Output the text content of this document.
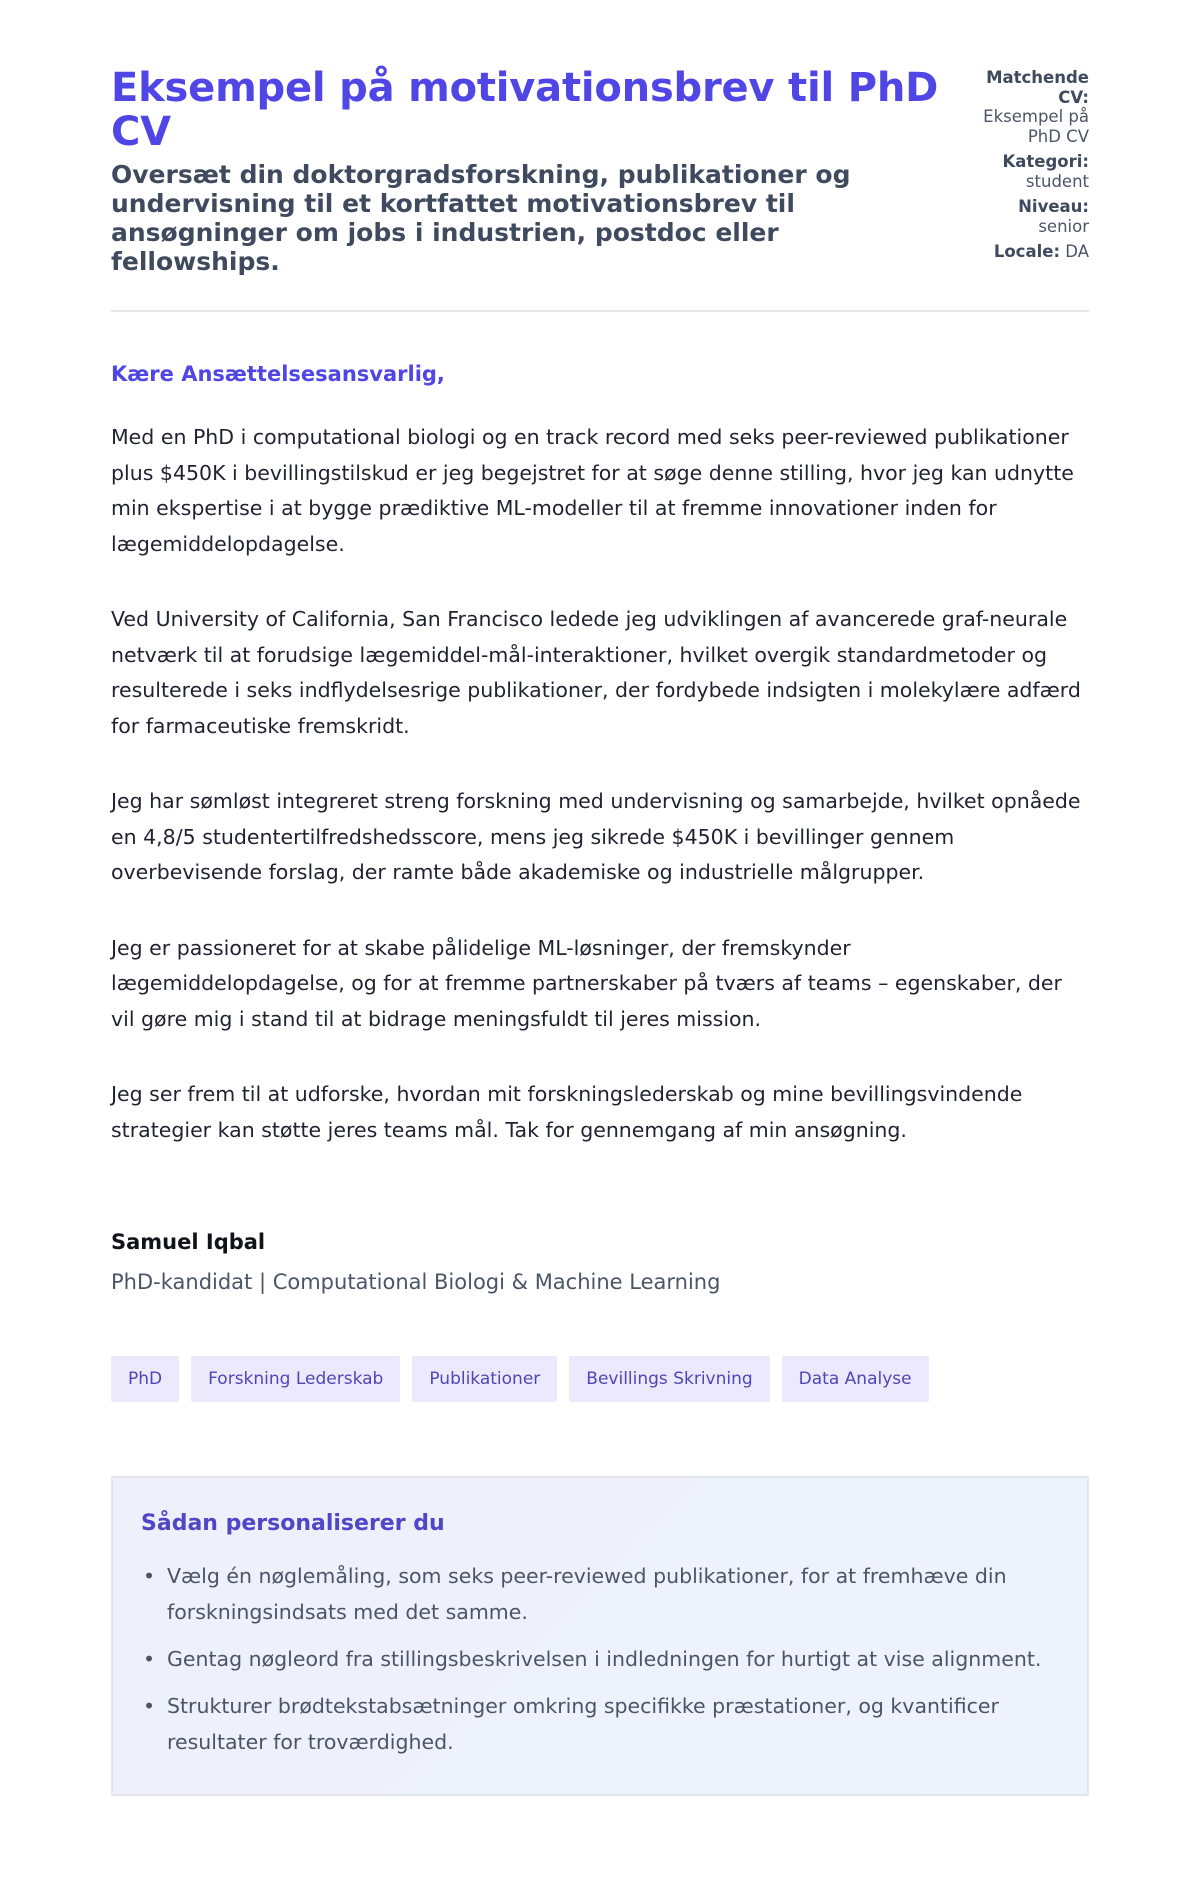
Eksempel på motivationsbrev til PhD CV

Oversæt din doktorgradsforskning, publikationer og undervisning til et kortfattet motivationsbrev til ansøgninger om jobs i industrien, postdoc eller fellowships.

Matchende CV:
Eksempel på PhD CV
Kategori:
student
Niveau:
senior
Locale: DA

Kære Ansættelsesansvarlig,

Med en PhD i computational biologi og en track record med seks peer-reviewed publikationer plus $450K i bevillingstilskud er jeg begejstret for at søge denne stilling, hvor jeg kan udnytte min ekspertise i at bygge prædiktive ML-modeller til at fremme innovationer inden for lægemiddelopdagelse.

Ved University of California, San Francisco ledede jeg udviklingen af avancerede graf-neurale netværk til at forudsige lægemiddel-mål-interaktioner, hvilket overgik standardmetoder og resulterede i seks indflydelsesrige publikationer, der fordybede indsigten i molekylære adfærd for farmaceutiske fremskridt.

Jeg har sømløst integreret streng forskning med undervisning og samarbejde, hvilket opnåede en 4,8/5 studentertilfredshedsscore, mens jeg sikrede $450K i bevillinger gennem overbevisende forslag, der ramte både akademiske og industrielle målgrupper.

Jeg er passioneret for at skabe pålidelige ML-løsninger, der fremskynder lægemiddelopdagelse, og for at fremme partnerskaber på tværs af teams – egenskaber, der vil gøre mig i stand til at bidrage meningsfuldt til jeres mission.

Jeg ser frem til at udforske, hvordan mit forskningslederskab og mine bevillingsvindende strategier kan støtte jeres teams mål. Tak for gennemgang af min ansøgning.

Samuel Iqbal
PhD-kandidat | Computational Biologi & Machine Learning
PhD	Forskning Lederskab	Publikationer	Bevillings Skrivning	Data Analyse
Sådan personaliserer du
• Vælg én nøglemåling, som seks peer-reviewed publikationer, for at fremhæve din forskningsindsats med det samme.
• Gentag nøgleord fra stillingsbeskrivelsen i indledningen for hurtigt at vise alignment.
• Strukturer brødtekstabsætninger omkring specifikke præstationer, og kvantificer resultater for troværdighed.
